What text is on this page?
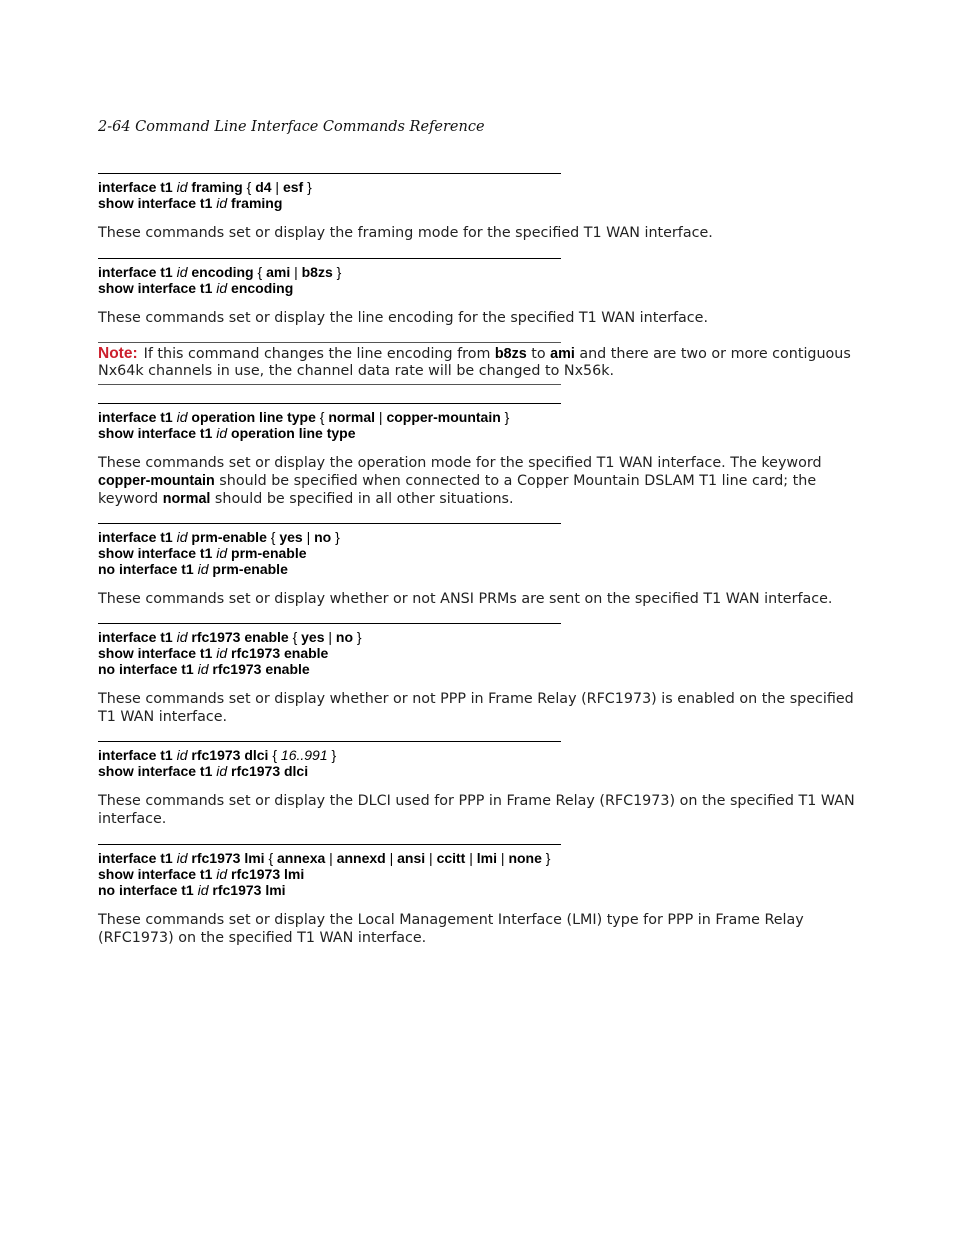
2-64 Command Line Interface Commands Reference
interface t1 id framing { d4 | esf }
show interface t1 id framing
These commands set or display the framing mode for the specified T1 WAN interface.
interface t1 id encoding { ami | b8zs }
show interface t1 id encoding
These commands set or display the line encoding for the specified T1 WAN interface.
Note: If this command changes the line encoding from b8zs to ami and there are two or more contiguous Nx64k channels in use, the channel data rate will be changed to Nx56k.
interface t1 id operation line type { normal | copper-mountain }
show interface t1 id operation line type
These commands set or display the operation mode for the specified T1 WAN interface. The keyword copper-mountain should be specified when connected to a Copper Mountain DSLAM T1 line card; the keyword normal should be specified in all other situations.
interface t1 id prm-enable { yes | no }
show interface t1 id prm-enable
no interface t1 id prm-enable
These commands set or display whether or not ANSI PRMs are sent on the specified T1 WAN interface.
interface t1 id rfc1973 enable { yes | no }
show interface t1 id rfc1973 enable
no interface t1 id rfc1973 enable
These commands set or display whether or not PPP in Frame Relay (RFC1973) is enabled on the specified T1 WAN interface.
interface t1 id rfc1973 dlci { 16..991 }
show interface t1 id rfc1973 dlci
These commands set or display the DLCI used for PPP in Frame Relay (RFC1973) on the specified T1 WAN interface.
interface t1 id rfc1973 lmi { annexa | annexd | ansi | ccitt | lmi | none }
show interface t1 id rfc1973 lmi
no interface t1 id rfc1973 lmi
These commands set or display the Local Management Interface (LMI) type for PPP in Frame Relay (RFC1973) on the specified T1 WAN interface.
